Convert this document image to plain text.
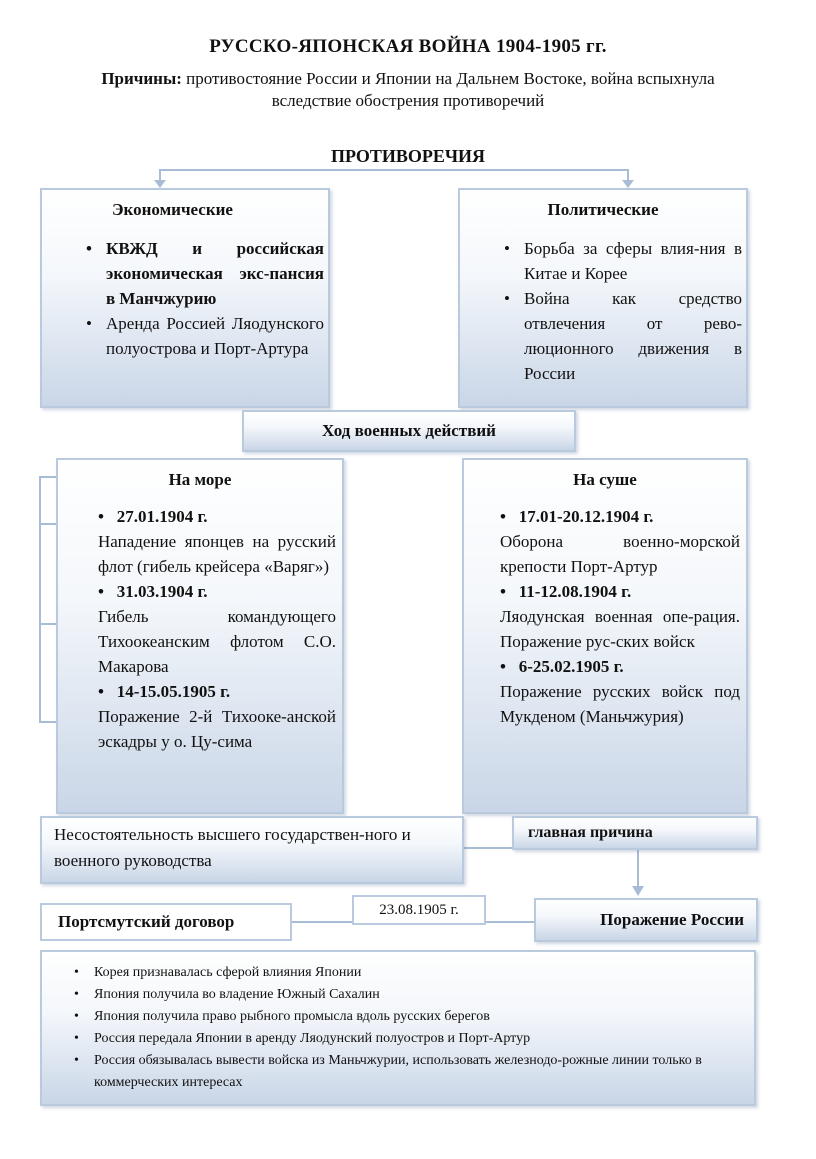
РУССКО-ЯПОНСКАЯ ВОЙНА 1904-1905 гг.
Причины: противостояние России и Японии на Дальнем Востоке, война вспыхнула вследствие обострения противоречий
ПРОТИВОРЕЧИЯ
Экономические
• КВЖД и российская экономическая экс-пансия в Манчжурию
• Аренда Россией Ляодунского полуострова и Порт-Артура
Политические
• Борьба за сферы влия-ния в Китае и Корее
• Война как средство отвлечения от рево-люционного движения в России
Ход военных действий
На море
•   27.01.1904 г.
Нападение японцев на русский флот (гибель крейсера «Варяг»)
•   31.03.1904 г.
Гибель командующего Тихоокеанским флотом С.О. Макарова
•   14-15.05.1905 г.
Поражение 2-й Тихооке-анской эскадры у о. Цу-сима
На суше
•   17.01-20.12.1904 г.
Оборона военно-морской крепости Порт-Артур
•   11-12.08.1904 г.
Ляодунская военная опе-рация. Поражение рус-ских войск
•   6-25.02.1905 г.
Поражение русских войск под Мукденом (Маньчжурия)
Несостоятельность высшего государствен-ного и военного руководства
главная причина
Портсмутский договор
23.08.1905 г.	Поражение России
• Корея признавалась сферой влияния Японии
• Япония получила во владение Южный Сахалин
• Япония получила право рыбного промысла вдоль русских берегов
• Россия передала Японии в аренду Ляодунский полуостров и Порт-Артур
• Россия обязывалась вывести войска из Маньчжурии, использовать железнодо-рожные линии только в коммерческих интересах
